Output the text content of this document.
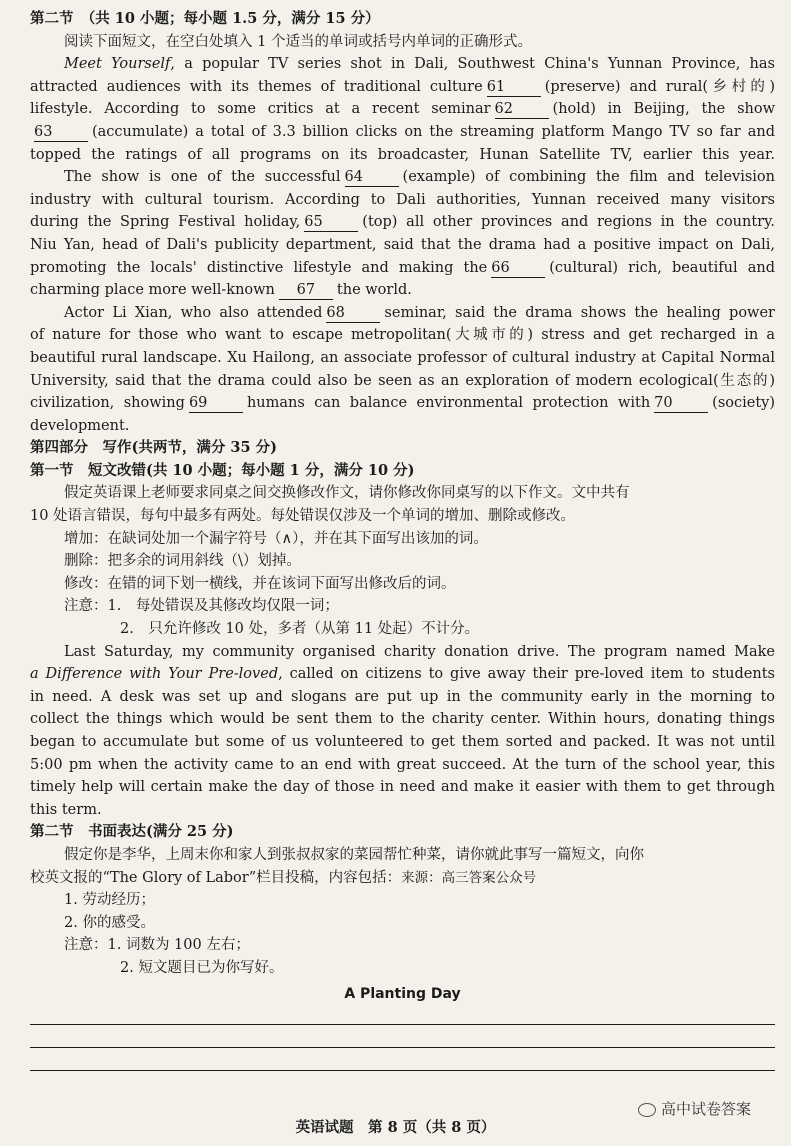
第二节　（共 10 小题；每小题 1.5 分，满分 15 分）
阅读下面短文，在空白处填入 1 个适当的单词或括号内单词的正确形式。
Meet Yourself, a popular TV series shot in Dali, Southwest China's Yunnan Province, has
attracted audiences with its themes of traditional culture 61	(preserve) and rural(乡村的)
lifestyle. According to some critics at a recent seminar 62	(hold) in Beijing, the show
63	(accumulate) a total of 3.3 billion clicks on the streaming platform Mango TV so far and
topped the ratings of all programs on its broadcaster, Hunan Satellite TV, earlier this year.
The show is one of the successful 64	(example) of combining the film and television
industry with cultural tourism. According to Dali authorities, Yunnan received many visitors
during the Spring Festival holiday, 65	(top) all other provinces and regions in the country.
Niu Yan, head of Dali's publicity department, said that the drama had a positive impact on Dali,
promoting the locals' distinctive lifestyle and making the 66	(cultural) rich, beautiful and
charming place more well-known 67 the world.
Actor Li Xian, who also attended 68	seminar, said the drama shows the healing power
of nature for those who want to escape metropolitan(大城市的) stress and get recharged in a
beautiful rural landscape. Xu Hailong, an associate professor of cultural industry at Capital Normal
University, said that the drama could also be seen as an exploration of modern ecological(生态的)
civilization, showing 69	humans can balance environmental protection with 70	(society)
development.
第四部分　写作(共两节，满分 35 分)
第一节　短文改错(共 10 小题；每小题 1 分，满分 10 分)
假定英语课上老师要求同桌之间交换修改作文，请你修改你同桌写的以下作文。文中共有
10 处语言错误，每句中最多有两处。每处错误仅涉及一个单词的增加、删除或修改。
增加：在缺词处加一个漏字符号（∧），并在其下面写出该加的词。
删除：把多余的词用斜线（\）划掉。
修改：在错的词下划一横线，并在该词下面写出修改后的词。
注意：1.　每处错误及其修改均仅限一词；
2.　只允许修改 10 处，多者（从第 11 处起）不计分。
Last Saturday, my community organised charity donation drive. The program named Make
a Difference with Your Pre-loved, called on citizens to give away their pre-loved item to students
in need. A desk was set up and slogans are put up in the community early in the morning to
collect the things which would be sent them to the charity center. Within hours, donating things
began to accumulate but some of us volunteered to get them sorted and packed. It was not until
5:00 pm when the activity came to an end with great succeed. At the turn of the school year, this
timely help will certain make the day of those in need and make it easier with them to get through
this term.
第二节　书面表达(满分 25 分)
假定你是李华，上周末你和家人到张叔叔家的菜园帮忙种菜，请你就此事写一篇短文，向你
校英文报的“The Glory of Labor”栏目投稿，内容包括：来源：高三答案公众号
1. 劳动经历；
2. 你的感受。
注意：1. 词数为 100 左右；
2. 短文题目已为你写好。
A Planting Day
高中试卷答案
英语试题　第 8 页（共 8 页）
